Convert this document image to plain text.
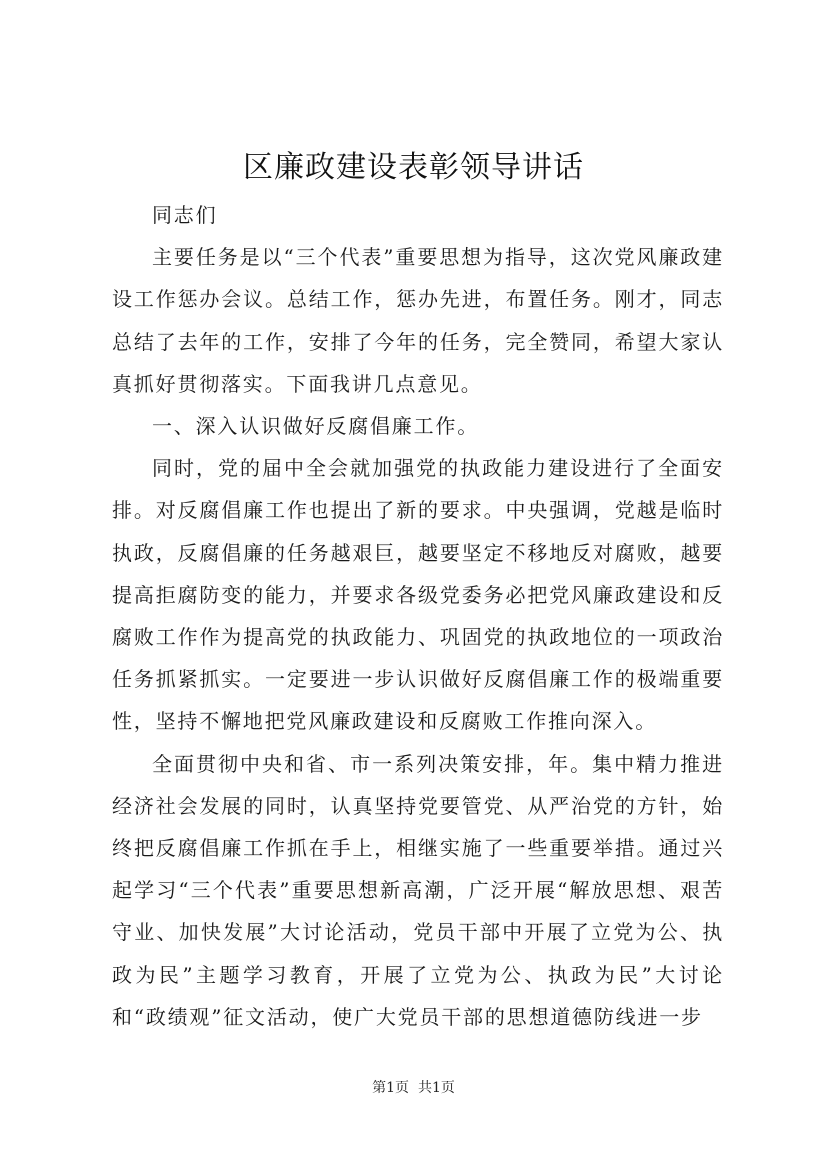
区廉政建设表彰领导讲话

同志们

主要任务是以“三个代表”重要思想为指导，这次党风廉政建设工作惩办会议。总结工作，惩办先进，布置任务。刚才，同志总结了去年的工作，安排了今年的任务，完全赞同，希望大家认真抓好贯彻落实。下面我讲几点意见。

一、深入认识做好反腐倡廉工作。

同时，党的届中全会就加强党的执政能力建设进行了全面安排。对反腐倡廉工作也提出了新的要求。中央强调，党越是临时执政，反腐倡廉的任务越艰巨，越要坚定不移地反对腐败，越要提高拒腐防变的能力，并要求各级党委务必把党风廉政建设和反腐败工作作为提高党的执政能力、巩固党的执政地位的一项政治任务抓紧抓实。一定要进一步认识做好反腐倡廉工作的极端重要性，坚持不懈地把党风廉政建设和反腐败工作推向深入。

全面贯彻中央和省、市一系列决策安排，年。集中精力推进经济社会发展的同时，认真坚持党要管党、从严治党的方针，始终把反腐倡廉工作抓在手上，相继实施了一些重要举措。通过兴起学习“三个代表”重要思想新高潮，广泛开展“解放思想、艰苦守业、加快发展”大讨论活动，党员干部中开展了立党为公、执政为民”主题学习教育，开展了立党为公、执政为民”大讨论和“政绩观”征文活动，使广大党员干部的思想道德防线进一步

第1页  共1页
